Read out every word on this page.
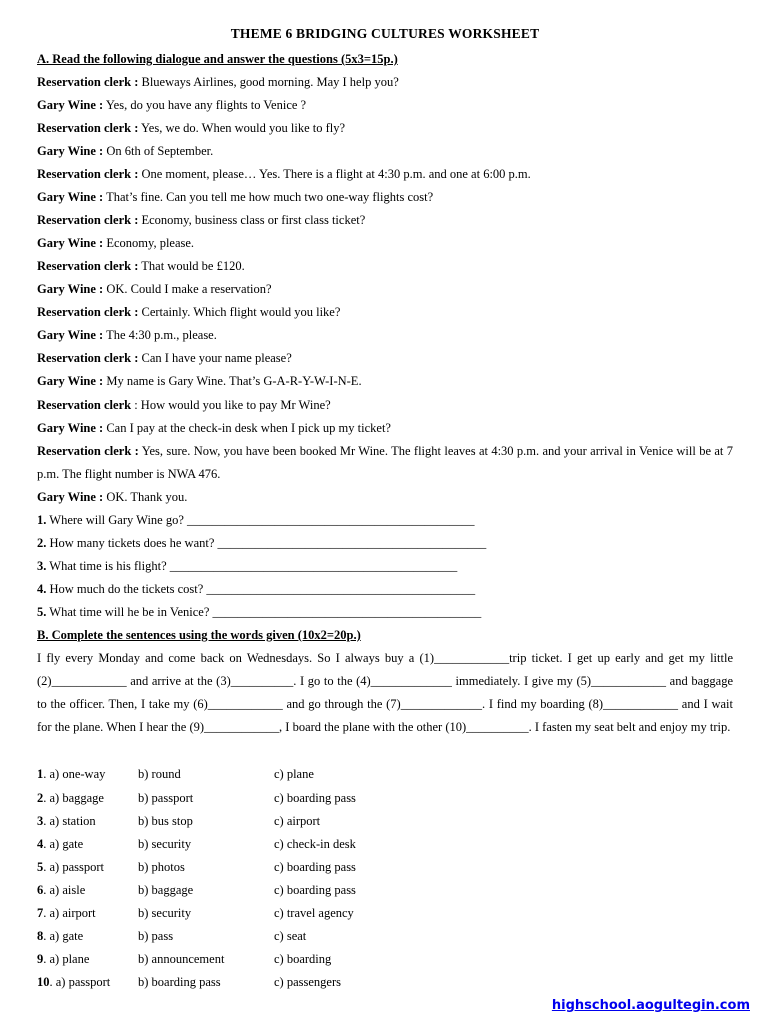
THEME 6 BRIDGING CULTURES WORKSHEET
A. Read the following dialogue and answer the questions (5x3=15p.)
Reservation clerk : Blueways Airlines, good morning. May I help you?
Gary Wine : Yes, do you have any flights to Venice ?
Reservation clerk : Yes, we do. When would you like to fly?
Gary Wine : On 6th of September.
Reservation clerk : One moment, please… Yes. There is a flight at 4:30 p.m. and one at 6:00 p.m.
Gary Wine : That’s fine. Can you tell me how much two one-way flights cost?
Reservation clerk : Economy, business class or first class ticket?
Gary Wine : Economy, please.
Reservation clerk : That would be £120.
Gary Wine : OK. Could I make a reservation?
Reservation clerk : Certainly. Which flight would you like?
Gary Wine : The 4:30 p.m., please.
Reservation clerk : Can I have your name please?
Gary Wine : My name is Gary Wine. That’s G-A-R-Y-W-I-N-E.
Reservation clerk : How would you like to pay Mr Wine?
Gary Wine : Can I pay at the check-in desk when I pick up my ticket?
Reservation clerk : Yes, sure. Now, you have been booked Mr Wine. The flight leaves at 4:30 p.m. and your arrival in Venice will be at 7 p.m. The flight number is NWA 476.
Gary Wine : OK. Thank you.
1. Where will Gary Wine go? ______________________________________________
2. How many tickets does he want? ___________________________________________
3. What time is his flight? ______________________________________________
4. How much do the tickets cost? ___________________________________________
5. What time will he be in Venice? ___________________________________________
B. Complete the sentences using the words given (10x2=20p.)
I fly every Monday and come back on Wednesdays. So I always buy a (1)____________trip ticket. I get up early and get my little (2)____________ and arrive at the (3)__________. I go to the (4)_____________ immediately. I give my (5)____________ and baggage to the officer. Then, I take my (6)____________ and go through the (7)_____________. I find my boarding (8)____________ and I wait for the plane. When I hear the (9)____________, I board the plane with the other (10)__________. I fasten my seat belt and enjoy my trip.
1. a) one-way	b) round	c) plane
2. a) baggage	b) passport	c) boarding pass
3. a) station	b) bus stop	c) airport
4. a) gate	b) security	c) check-in desk
5. a) passport	b) photos	c) boarding pass
6. a) aisle	b) baggage	c) boarding pass
7. a) airport	b) security	c) travel agency
8. a) gate	b) pass	c) seat
9. a) plane	b) announcement	c) boarding
10. a) passport b) boarding pass	c) passengers
highschool.aogultegin.com
